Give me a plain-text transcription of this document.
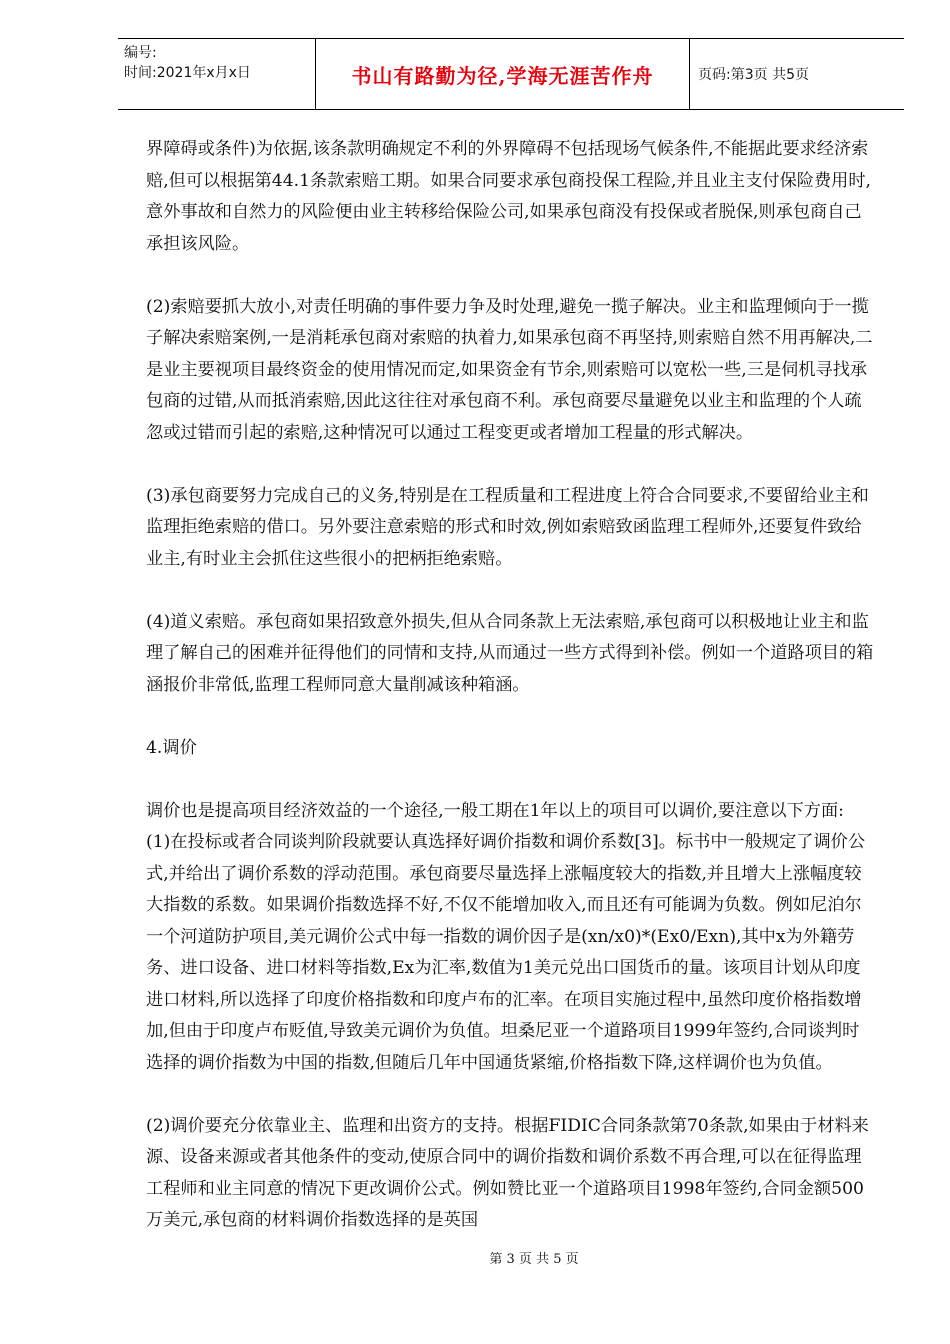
编号:
时间:2021年x月x日	书山有路勤为径,学海无涯苦作舟	页码:第3页 共5页

界障碍或条件)为依据,该条款明确规定不利的外界障碍不包括现场气候条件,不能据此要求经济索赔,但可以根据第44.1条款索赔工期。如果合同要求承包商投保工程险,并且业主支付保险费用时,意外事故和自然力的风险便由业主转移给保险公司,如果承包商没有投保或者脱保,则承包商自己承担该风险。

(2)索赔要抓大放小,对责任明确的事件要力争及时处理,避免一揽子解决。业主和监理倾向于一揽子解决索赔案例,一是消耗承包商对索赔的执着力,如果承包商不再坚持,则索赔自然不用再解决,二是业主要视项目最终资金的使用情况而定,如果资金有节余,则索赔可以宽松一些,三是伺机寻找承包商的过错,从而抵消索赔,因此这往往对承包商不利。承包商要尽量避免以业主和监理的个人疏忽或过错而引起的索赔,这种情况可以通过工程变更或者增加工程量的形式解决。

(3)承包商要努力完成自己的义务,特别是在工程质量和工程进度上符合合同要求,不要留给业主和监理拒绝索赔的借口。另外要注意索赔的形式和时效,例如索赔致函监理工程师外,还要复件致给业主,有时业主会抓住这些很小的把柄拒绝索赔。

(4)道义索赔。承包商如果招致意外损失,但从合同条款上无法索赔,承包商可以积极地让业主和监理了解自己的困难并征得他们的同情和支持,从而通过一些方式得到补偿。例如一个道路项目的箱涵报价非常低,监理工程师同意大量削减该种箱涵。

4.调价

调价也是提高项目经济效益的一个途径,一般工期在1年以上的项目可以调价,要注意以下方面:

(1)在投标或者合同谈判阶段就要认真选择好调价指数和调价系数[3]。标书中一般规定了调价公式,并给出了调价系数的浮动范围。承包商要尽量选择上涨幅度较大的指数,并且增大上涨幅度较大指数的系数。如果调价指数选择不好,不仅不能增加收入,而且还有可能调为负数。例如尼泊尔一个河道防护项目,美元调价公式中每一指数的调价因子是(xn/x0)*(Ex0/Exn),其中x为外籍劳务、进口设备、进口材料等指数,Ex为汇率,数值为1美元兑出口国货币的量。该项目计划从印度进口材料,所以选择了印度价格指数和印度卢布的汇率。在项目实施过程中,虽然印度价格指数增加,但由于印度卢布贬值,导致美元调价为负值。坦桑尼亚一个道路项目1999年签约,合同谈判时选择的调价指数为中国的指数,但随后几年中国通货紧缩,价格指数下降,这样调价也为负值。

(2)调价要充分依靠业主、监理和出资方的支持。根据FIDIC合同条款第70条款,如果由于材料来源、设备来源或者其他条件的变动,使原合同中的调价指数和调价系数不再合理,可以在征得监理工程师和业主同意的情况下更改调价公式。例如赞比亚一个道路项目1998年签约,合同金额500万美元,承包商的材料调价指数选择的是英国

第 3 页 共 5 页
